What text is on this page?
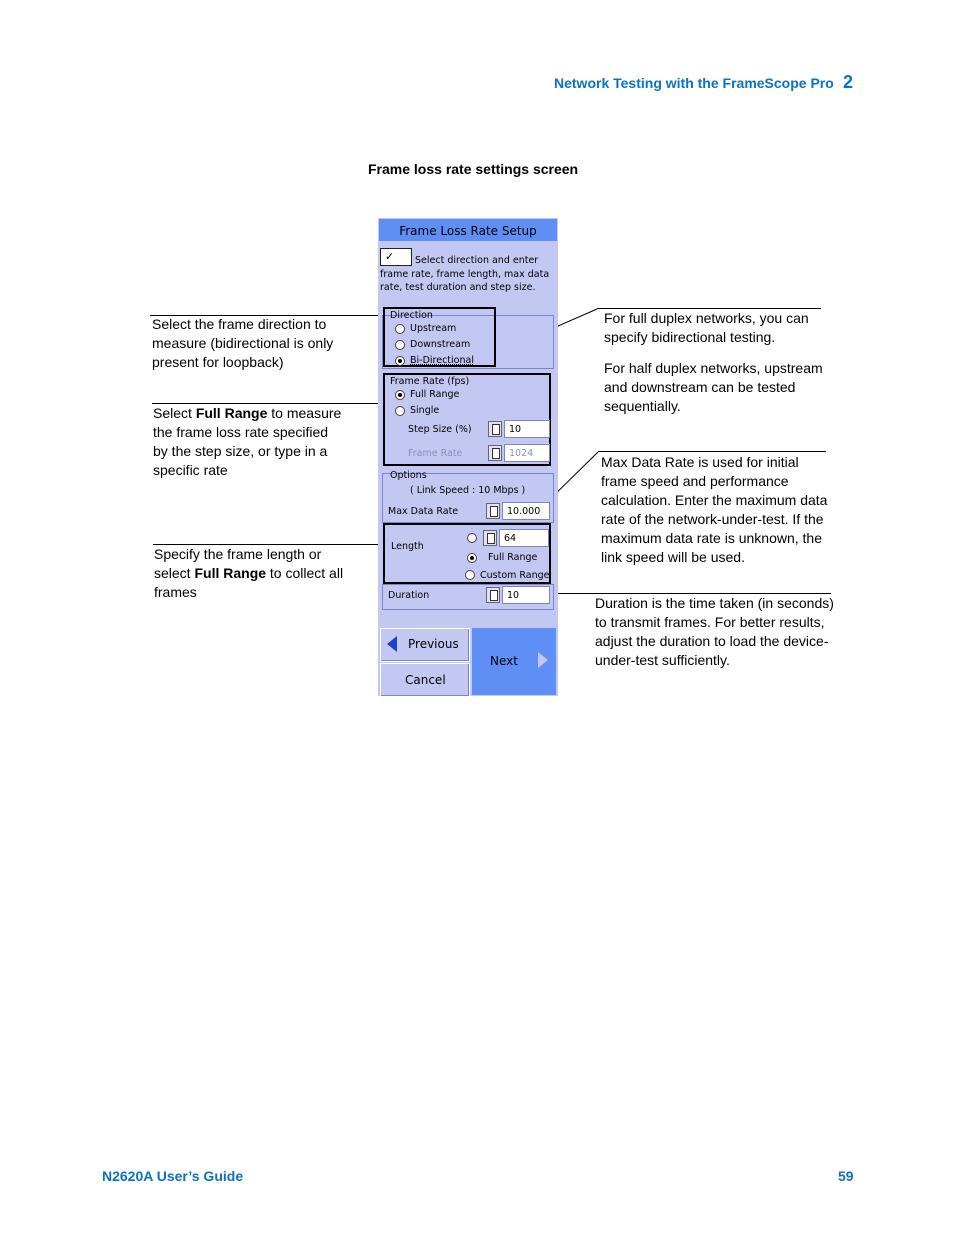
Network Testing with the FrameScope Pro 2
Frame loss rate settings screen
Select the frame direction to measure (bidirectional is only present for loopback)
Select Full Range to measure the frame loss rate specified by the step size, or type in a specific rate
Specify the frame length or select Full Range to collect all frames
For full duplex networks, you can specify bidirectional testing.
For half duplex networks, upstream and downstream can be tested sequentially.
Max Data Rate is used for initial frame speed and performance calculation. Enter the maximum data rate of the network-under-test. If the maximum data rate is unknown, the link speed will be used.
Duration is the time taken (in seconds) to transmit frames. For better results, adjust the duration to load the device-under-test sufficiently.
Frame Loss Rate Setup
✓ Select direction and enter frame rate, frame length, max data rate, test duration and step size.
Direction
Upstream
Downstream
Bi-Directional
Frame Rate (fps)
Full Range
Single
Step Size (%)	10
Frame Rate	1024
Options
( Link Speed : 10 Mbps )
Max Data Rate	10.000
Length
64
Full Range
Custom Range
Duration	10
Previous
Cancel
Next
N2620A User’s Guide	59
